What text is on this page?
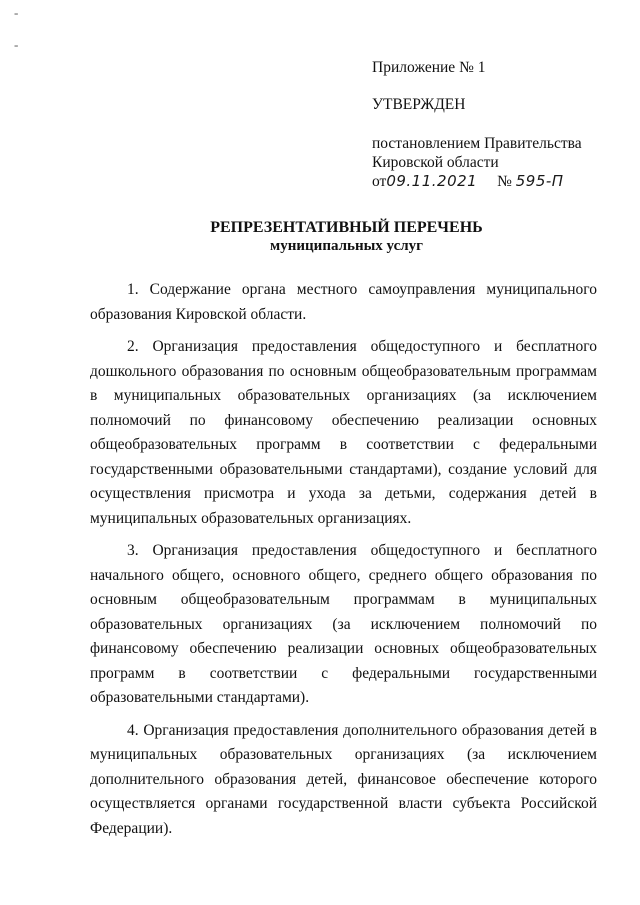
-
-
Приложение № 1
УТВЕРЖДЕН
постановлением Правительства
Кировской области
от09.11.2021 № 595-П
РЕПРЕЗЕНТАТИВНЫЙ ПЕРЕЧЕНЬ
муниципальных услуг

1. Содержание органа местного самоуправления муниципального образования Кировской области.

2. Организация предоставления общедоступного и бесплатного дошкольного образования по основным общеобразовательным программам в муниципальных образовательных организациях (за исключением полномочий по финансовому обеспечению реализации основных общеобразовательных программ в соответствии с федеральными государственными образовательными стандартами), создание условий для осуществления присмотра и ухода за детьми, содержания детей в муниципальных образовательных организациях.

3. Организация предоставления общедоступного и бесплатного начального общего, основного общего, среднего общего образования по основным общеобразовательным программам в муниципальных образовательных организациях (за исключением полномочий по финансовому обеспечению реализации основных общеобразовательных программ в соответствии с федеральными государственными образовательными стандартами).

4. Организация предоставления дополнительного образования детей в муниципальных образовательных организациях (за исключением дополнительного образования детей, финансовое обеспечение которого осуществляется органами государственной власти субъекта Российской Федерации).
